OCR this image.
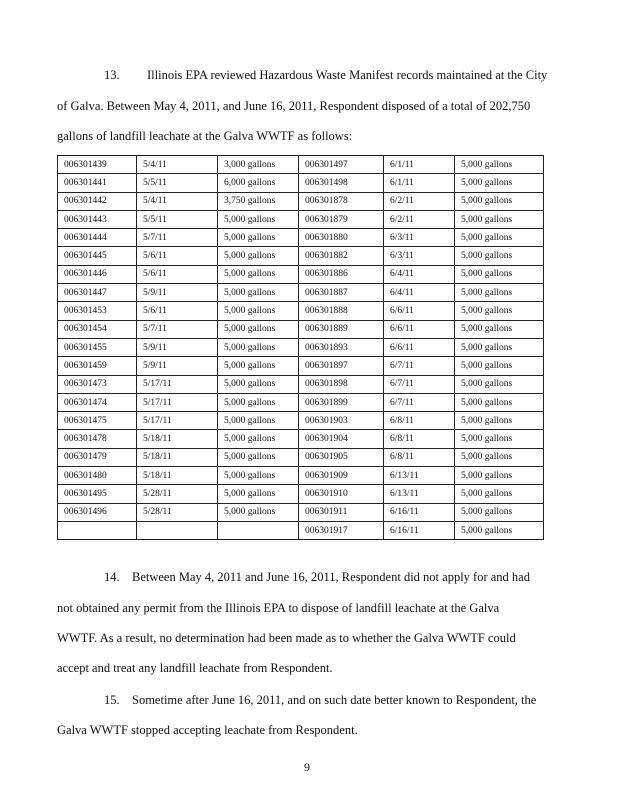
13. Illinois EPA reviewed Hazardous Waste Manifest records maintained at the City
of Galva. Between May 4, 2011, and June 16, 2011, Respondent disposed of a total of 202,750
gallons of landfill leachate at the Galva WWTF as follows:
006301439	5/4/11	3,000 gallons	006301497	6/1/11	5,000 gallons
006301441	5/5/11	6,000 gallons	006301498	6/1/11	5,000 gallons
006301442	5/4/11	3,750 gallons	006301878	6/2/11	5,000 gallons
006301443	5/5/11	5,000 gallons	006301879	6/2/11	5,000 gallons
006301444	5/7/11	5,000 gallons	006301880	6/3/11	5,000 gallons
006301445	5/6/11	5,000 gallons	006301882	6/3/11	5,000 gallons
006301446	5/6/11	5,000 gallons	006301886	6/4/11	5,000 gallons
006301447	5/9/11	5,000 gallons	006301887	6/4/11	5,000 gallons
006301453	5/6/11	5,000 gallons	006301888	6/6/11	5,000 gallons
006301454	5/7/11	5,000 gallons	006301889	6/6/11	5,000 gallons
006301455	5/9/11	5,000 gallons	006301893	6/6/11	5,000 gallons
006301459	5/9/11	5,000 gallons	006301897	6/7/11	5,000 gallons
006301473	5/17/11	5,000 gallons	006301898	6/7/11	5,000 gallons
006301474	5/17/11	5,000 gallons	006301899	6/7/11	5,000 gallons
006301475	5/17/11	5,000 gallons	006301903	6/8/11	5,000 gallons
006301478	5/18/11	5,000 gallons	006301904	6/8/11	5,000 gallons
006301479	5/18/11	5,000 gallons	006301905	6/8/11	5,000 gallons
006301480	5/18/11	5,000 gallons	006301909	6/13/11	5,000 gallons
006301495	5/28/11	5,000 gallons	006301910	6/13/11	5,000 gallons
006301496	5/28/11	5,000 gallons	006301911	6/16/11	5,000 gallons
			006301917	6/16/11	5,000 gallons
14. Between May 4, 2011 and June 16, 2011, Respondent did not apply for and had
not obtained any permit from the Illinois EPA to dispose of landfill leachate at the Galva
WWTF. As a result, no determination had been made as to whether the Galva WWTF could
accept and treat any landfill leachate from Respondent.
15. Sometime after June 16, 2011, and on such date better known to Respondent, the
Galva WWTF stopped accepting leachate from Respondent.
9
